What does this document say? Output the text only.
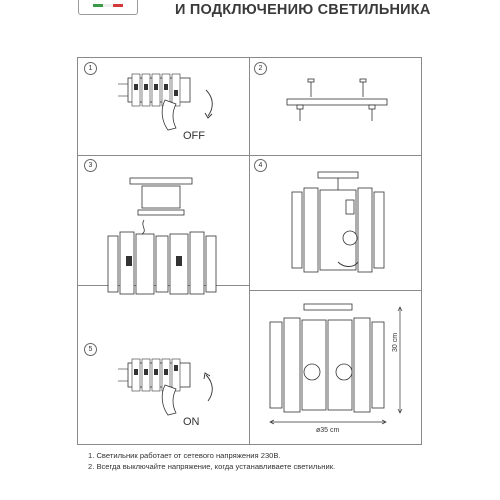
И ПОДКЛЮЧЕНИЮ СВЕТИЛЬНИКА
1	2
3	4
5
OFF
30 cm
ø35 cm
ON
1. Светильник работает от сетевого напряжения 230В.
2. Всегда выключайте напряжение, когда устанавливаете светильник.
